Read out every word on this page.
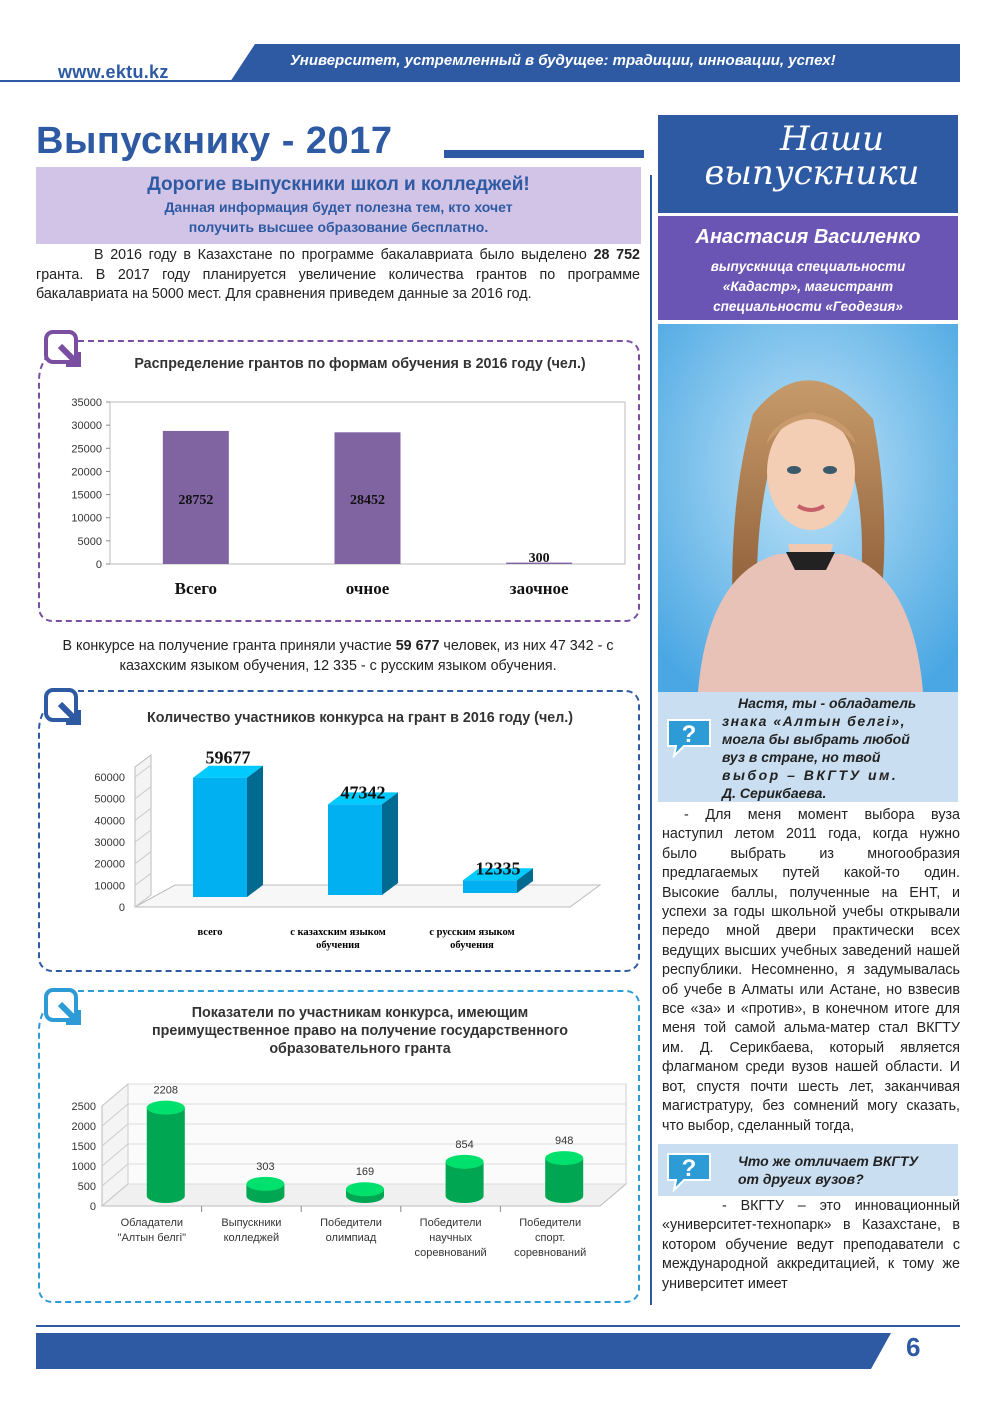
www.ektu.kz
Университет, устремленный в будущее: традиции, инновации, успех!
Выпускнику - 2017
Дорогие выпускники школ и колледжей!
Данная информация будет полезна тем, кто хочет
получить высшее образование бесплатно.
В 2016 году в Казахстане по программе бакалавриата было выделено 28 752 гранта. В 2017 году планируется увеличение количества грантов по программе бакалавриата на 5000 мест. Для сравнения приведем данные за 2016 год.
Распределение грантов по формам обучения в 2016 году (чел.)
0
5000
10000
15000
20000
25000
30000
35000
28752
Всего
28452
очное
300
заочное
В конкурсе на получение гранта приняли участие 59 677 человек, из них 47 342 - с казахским языком обучения, 12 335 - с русским языком обучения.
Количество участников конкурса на грант в 2016 году (чел.)
0
10000
20000
30000
40000
50000
60000
59677
47342
12335
всего	с казахским языком
обучения
с русским языком
обучения
Показатели по участникам конкурса, имеющим
преимущественное право на получение государственного
образовательного гранта
0
500
1000
1500
2000
2500
2208
Обладатели
"Алтын белгі"
303
Выпускники
колледжей
169
Победители
олимпиад
854
Победители
научных
соревнований
948
Победители
спорт.
соревнований
Наши
выпускники
Анастасия Василенко
выпускница специальности
«Кадастр», магистрант
специальности «Геодезия»
?
Настя, ты - обладатель
знака «Алтын белгі»,
могла бы выбрать любой
вуз в стране, но твой
выбор – ВКГТУ им.
Д. Серикбаева.
- Для меня момент выбора вуза наступил летом 2011 года, когда нужно было выбрать из многообразия предлагаемых путей какой-то один. Высокие баллы, полученные на ЕНТ, и успехи за годы школьной учебы открывали передо мной двери практически всех ведущих высших учебных заведений нашей республики. Несомненно, я задумывалась об учебе в Алматы или Астане, но взвесив все «за» и «против», в конечном итоге для меня той самой альма-матер стал ВКГТУ им. Д. Серикбаева, который является флагманом среди вузов нашей области. И вот, спустя почти шесть лет, заканчивая магистратуру, без сомнений могу сказать, что выбор, сделанный тогда,
?	Что же отличает ВКГТУ
от других вузов?
- ВКГТУ – это инновационный «университет-технопарк» в Казахстане, в котором обучение ведут преподаватели с международной аккредитацией, к тому же университет имеет
6
